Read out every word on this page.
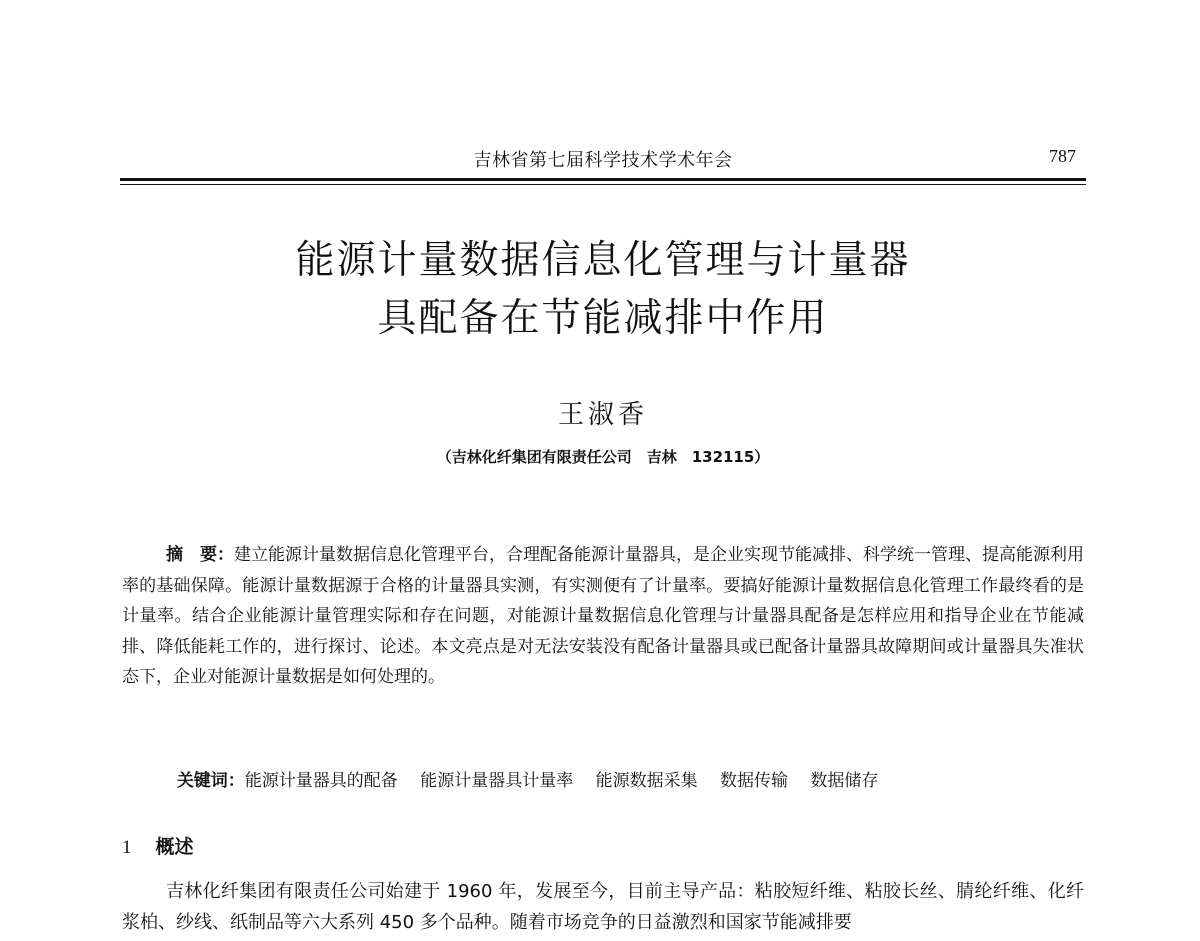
吉林省第七届科学技术学术年会	787
能源计量数据信息化管理与计量器
具配备在节能减排中作用
王淑香
（吉林化纤集团有限责任公司　吉林　132115）
摘　要：建立能源计量数据信息化管理平台，合理配备能源计量器具，是企业实现节能减排、科学统一管理、提高能源利用率的基础保障。能源计量数据源于合格的计量器具实测，有实测便有了计量率。要搞好能源计量数据信息化管理工作最终看的是计量率。结合企业能源计量管理实际和存在问题，对能源计量数据信息化管理与计量器具配备是怎样应用和指导企业在节能减排、降低能耗工作的，进行探讨、论述。本文亮点是对无法安装没有配备计量器具或已配备计量器具故障期间或计量器具失准状态下，企业对能源计量数据是如何处理的。

关键词：能源计量器具的配备　 能源计量器具计量率　 能源数据采集　 数据传输　 数据储存

1 概述
吉林化纤集团有限责任公司始建于 1960 年，发展至今，目前主导产品：粘胶短纤维、粘胶长丝、腈纶纤维、化纤浆柏、纱线、纸制品等六大系列 450 多个品种。随着市场竞争的日益激烈和国家节能减排要
